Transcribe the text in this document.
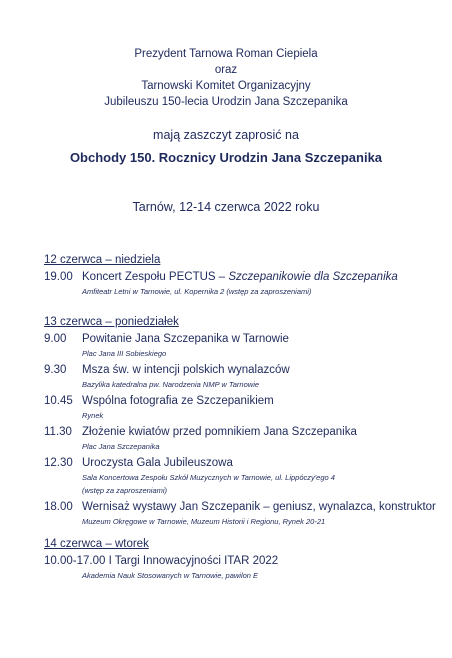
Prezydent Tarnowa Roman Ciepiela
oraz
Tarnowski Komitet Organizacyjny
Jubileuszu 150-lecia Urodzin Jana Szczepanika
mają zaszczyt zaprosić na
Obchody 150. Rocznicy Urodzin Jana Szczepanika
Tarnów, 12-14 czerwca 2022 roku
12 czerwca – niedziela
19.00 Koncert Zespołu PECTUS – Szczepanikowie dla Szczepanika
Amfiteatr Letni w Tarnowie, ul. Kopernika 2 (wstęp za zaproszeniami)
13 czerwca – poniedziałek
9.00	Powitanie Jana Szczepanika w Tarnowie
Plac Jana III Sobieskiego
9.30	Msza św. w intencji polskich wynalazców
Bazylika katedralna pw. Narodzenia NMP w Tarnowie
10.45 Wspólna fotografia ze Szczepanikiem
Rynek
11.30 Złożenie kwiatów przed pomnikiem Jana Szczepanika
Plac Jana Szczepanika
12.30 Uroczysta Gala Jubileuszowa
Sala Koncertowa Zespołu Szkół Muzycznych w Tarnowie, ul. Lippóczy'ego 4
(wstęp za zaproszeniami)
18.00 Wernisaż wystawy Jan Szczepanik – geniusz, wynalazca, konstruktor
Muzeum Okręgowe w Tarnowie, Muzeum Historii i Regionu, Rynek 20-21
14 czerwca – wtorek
10.00-17.00 I Targi Innowacyjności ITAR 2022
Akademia Nauk Stosowanych w Tarnowie, pawilon E
